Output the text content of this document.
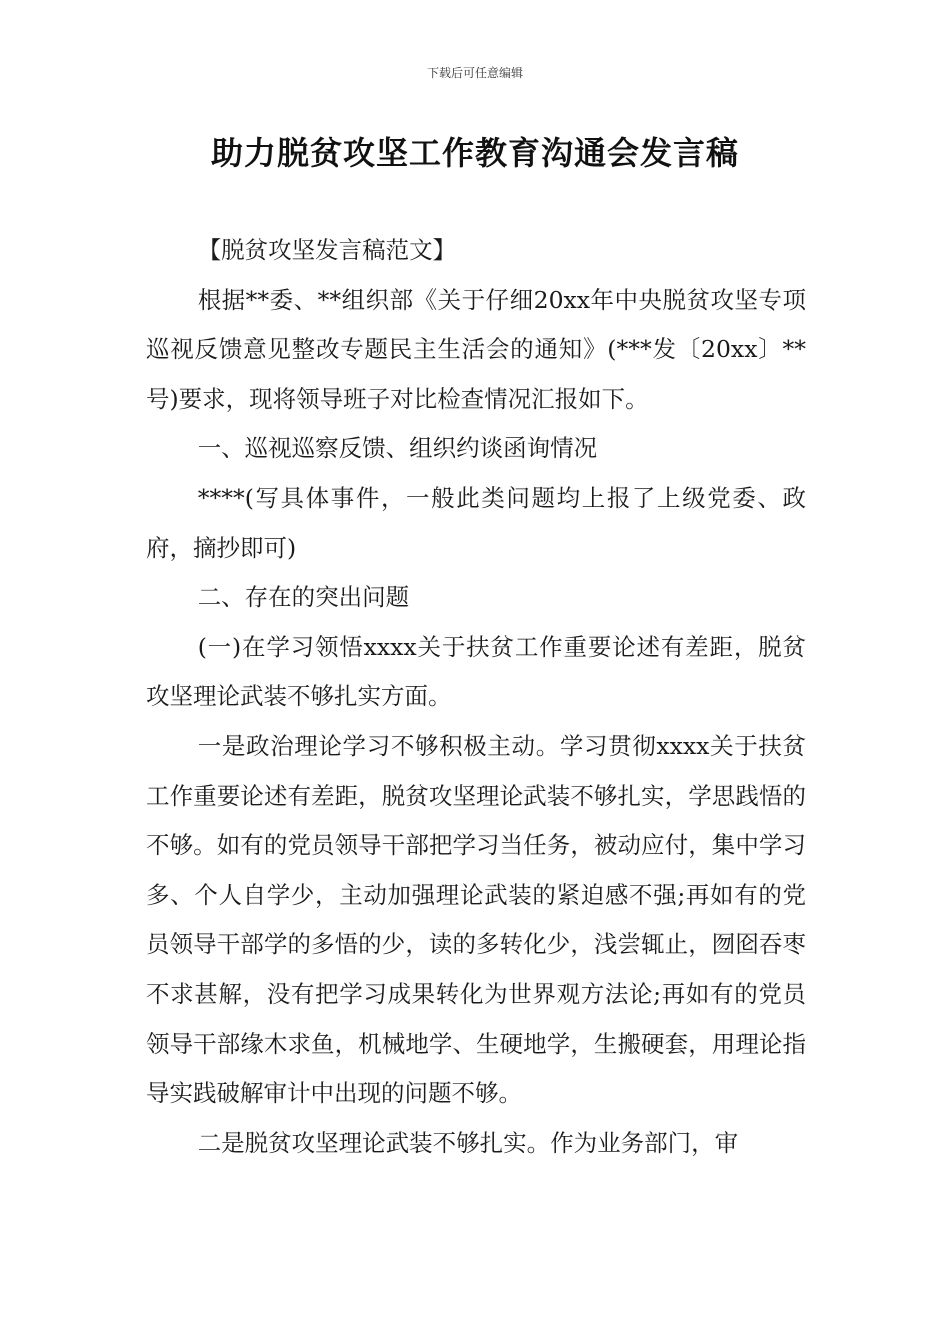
下载后可任意编辑
助力脱贫攻坚工作教育沟通会发言稿

【脱贫攻坚发言稿范文】

根据**委、**组织部《关于仔细20xx年中央脱贫攻坚专项巡视反馈意见整改专题民主生活会的通知》(***发〔20xx〕**号)要求，现将领导班子对比检查情况汇报如下。

一、巡视巡察反馈、组织约谈函询情况

****(写具体事件，一般此类问题均上报了上级党委、政府，摘抄即可)

二、存在的突出问题

(一)在学习领悟xxxx关于扶贫工作重要论述有差距，脱贫攻坚理论武装不够扎实方面。

一是政治理论学习不够积极主动。学习贯彻xxxx关于扶贫工作重要论述有差距，脱贫攻坚理论武装不够扎实，学思践悟的不够。如有的党员领导干部把学习当任务，被动应付，集中学习多、个人自学少，主动加强理论武装的紧迫感不强;再如有的党员领导干部学的多悟的少，读的多转化少，浅尝辄止，囫囵吞枣不求甚解，没有把学习成果转化为世界观方法论;再如有的党员领导干部缘木求鱼，机械地学、生硬地学，生搬硬套，用理论指导实践破解审计中出现的问题不够。

二是脱贫攻坚理论武装不够扎实。作为业务部门，审
